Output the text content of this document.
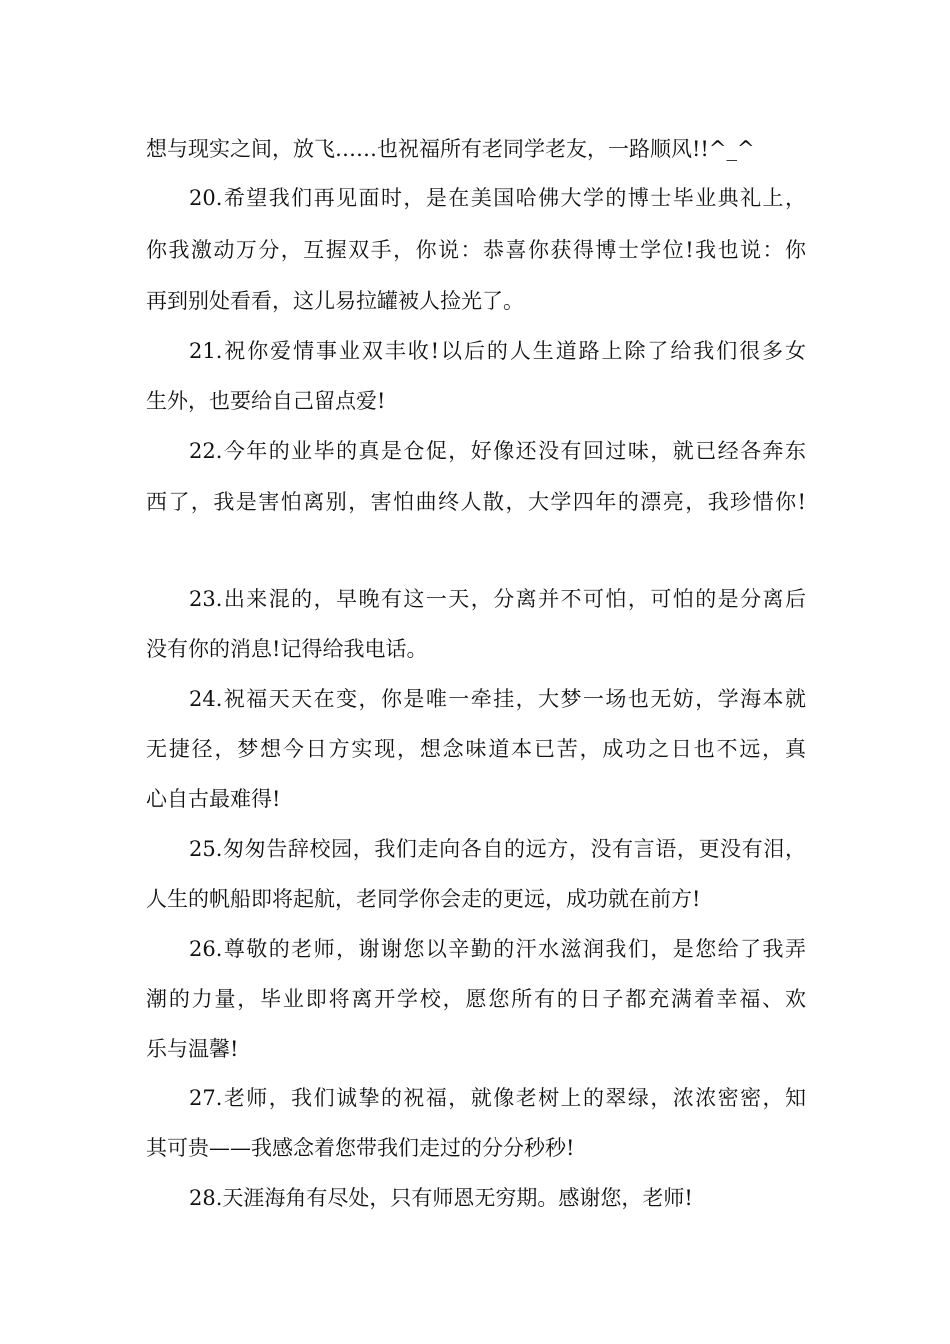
想与现实之间，放飞……也祝福所有老同学老友，一路顺风!!^_^
20.希望我们再见面时，是在美国哈佛大学的博士毕业典礼上，
你我激动万分，互握双手，你说：恭喜你获得博士学位!我也说：你
再到别处看看，这儿易拉罐被人捡光了。
21.祝你爱情事业双丰收!以后的人生道路上除了给我们很多女
生外，也要给自己留点爱!
22.今年的业毕的真是仓促，好像还没有回过味，就已经各奔东
西了，我是害怕离别，害怕曲终人散，大学四年的漂亮，我珍惜你!
23.出来混的，早晚有这一天，分离并不可怕，可怕的是分离后
没有你的消息!记得给我电话。
24.祝福天天在变，你是唯一牵挂，大梦一场也无妨，学海本就
无捷径，梦想今日方实现，想念味道本已苦，成功之日也不远，真
心自古最难得!
25.匆匆告辞校园，我们走向各自的远方，没有言语，更没有泪，
人生的帆船即将起航，老同学你会走的更远，成功就在前方!
26.尊敬的老师，谢谢您以辛勤的汗水滋润我们，是您给了我弄
潮的力量，毕业即将离开学校，愿您所有的日子都充满着幸福、欢
乐与温馨!
27.老师，我们诚挚的祝福，就像老树上的翠绿，浓浓密密，知
其可贵——我感念着您带我们走过的分分秒秒!
28.天涯海角有尽处，只有师恩无穷期。感谢您，老师!
